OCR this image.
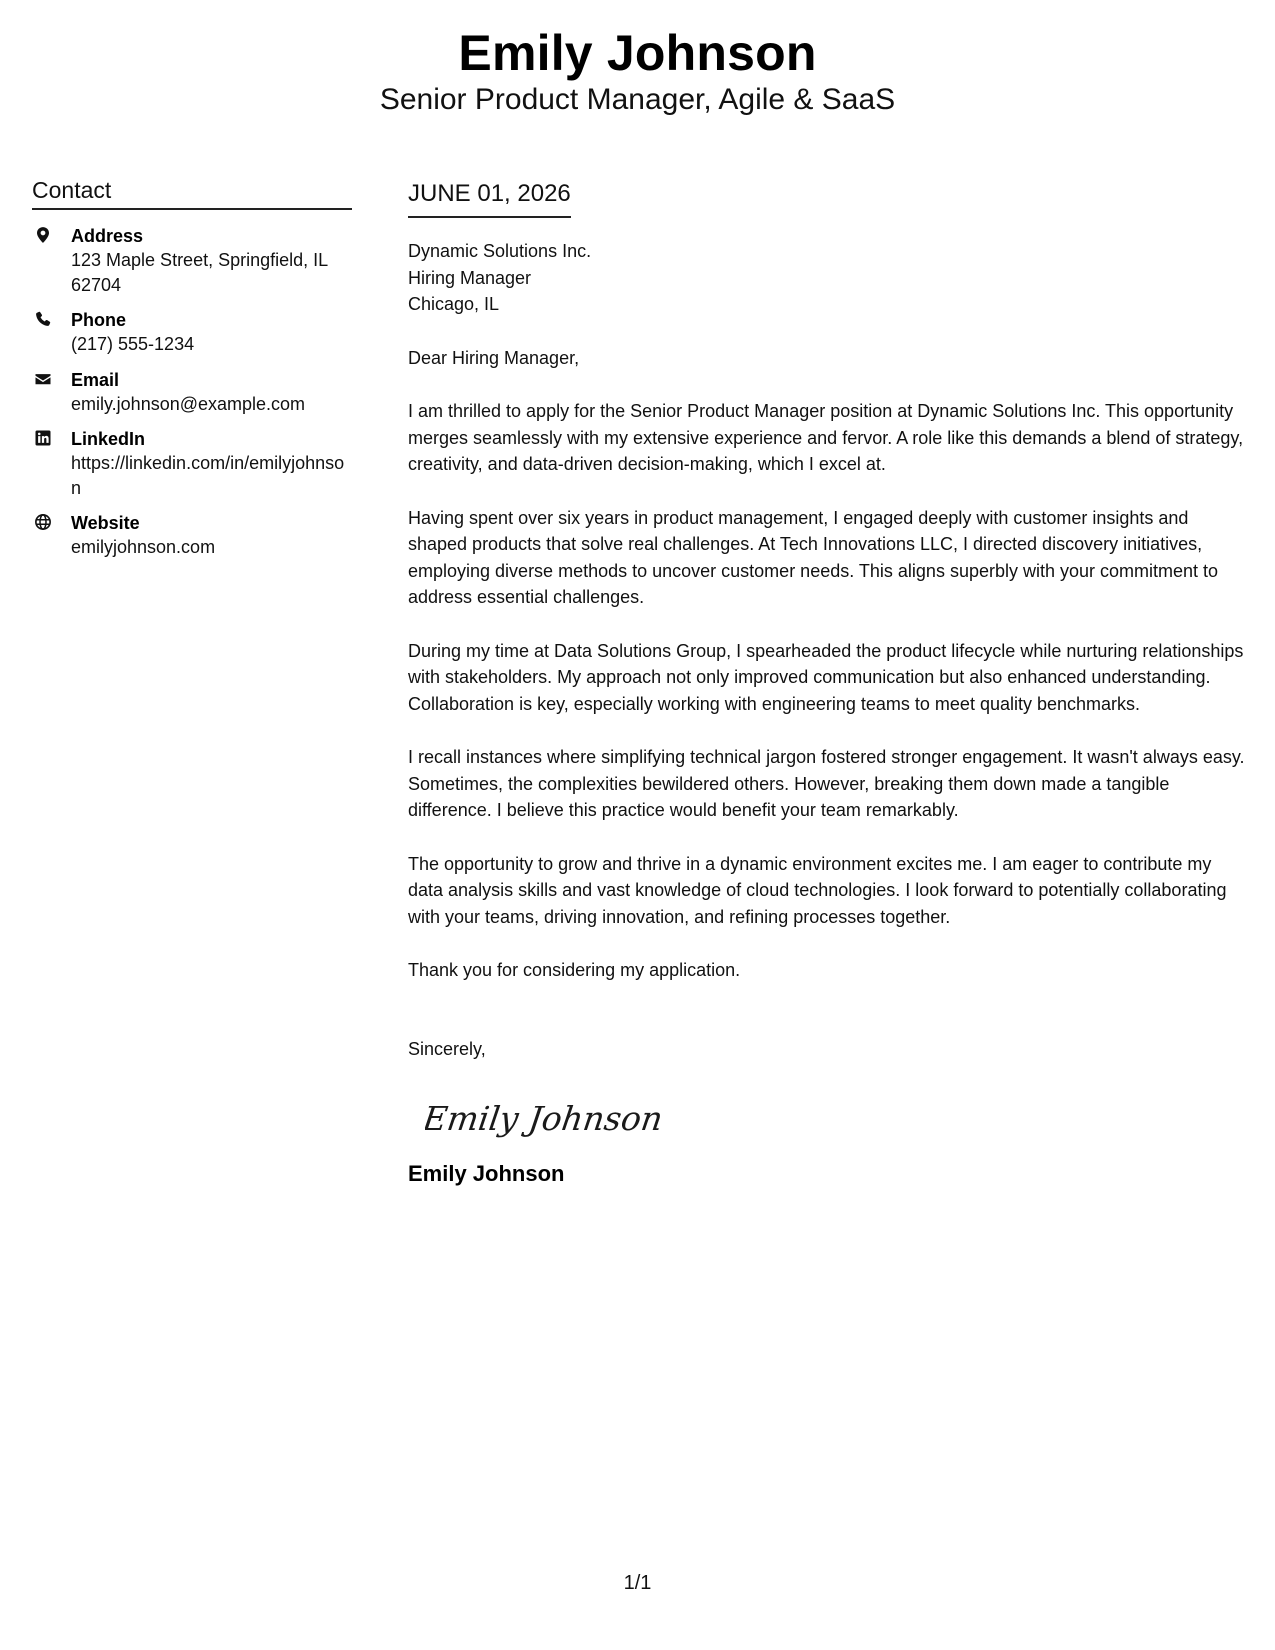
Emily Johnson
Senior Product Manager, Agile & SaaS
Contact
Address
123 Maple Street, Springfield, IL 62704
Phone
(217) 555-1234
Email
emily.johnson@example.com
LinkedIn
https://linkedin.com/in/emilyjohnson
Website
emilyjohnson.com
JUNE 01, 2026
Dynamic Solutions Inc.
Hiring Manager
Chicago, IL

Dear Hiring Manager,

I am thrilled to apply for the Senior Product Manager position at Dynamic Solutions Inc. This opportunity merges seamlessly with my extensive experience and fervor. A role like this demands a blend of strategy, creativity, and data-driven decision-making, which I excel at.

Having spent over six years in product management, I engaged deeply with customer insights and shaped products that solve real challenges. At Tech Innovations LLC, I directed discovery initiatives, employing diverse methods to uncover customer needs. This aligns superbly with your commitment to address essential challenges.

During my time at Data Solutions Group, I spearheaded the product lifecycle while nurturing relationships with stakeholders. My approach not only improved communication but also enhanced understanding. Collaboration is key, especially working with engineering teams to meet quality benchmarks.

I recall instances where simplifying technical jargon fostered stronger engagement. It wasn't always easy. Sometimes, the complexities bewildered others. However, breaking them down made a tangible difference. I believe this practice would benefit your team remarkably.

The opportunity to grow and thrive in a dynamic environment excites me. I am eager to contribute my data analysis skills and vast knowledge of cloud technologies. I look forward to potentially collaborating with your teams, driving innovation, and refining processes together.

Thank you for considering my application.

Sincerely,
Emily Johnson
Emily Johnson
1/1
